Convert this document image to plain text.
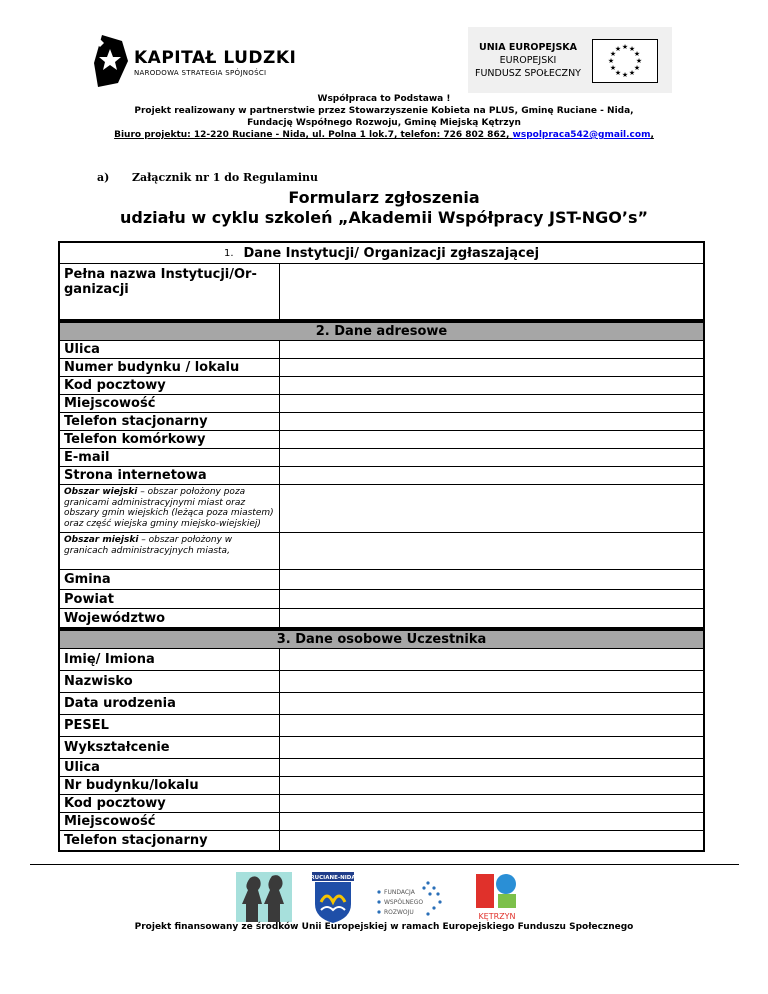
KAPITAŁ LUDZKI
NARODOWA STRATEGIA SPÓJNOŚCI
UNIA EUROPEJSKA
EUROPEJSKI
FUNDUSZ SPOŁECZNY
★ ★
★
★
★
★
★
★
★
★
★
★
Współpraca to Podstawa !
Projekt realizowany w partnerstwie przez Stowarzyszenie Kobieta na PLUS, Gminę Ruciane - Nida,
Fundację Współnego Rozwoju, Gminę Miejską Kętrzyn
Biuro projektu: 12-220 Ruciane - Nida, ul. Polna 1 lok.7, telefon: 726 802 862, wspolpraca542@gmail.com,
a) Załącznik nr 1 do Regulaminu
Formularz zgłoszenia
udziału w cyklu szkoleń „Akademii Współpracy JST-NGO’s”
1. Dane Instytucji/ Organizacji zgłaszającej
Pełna nazwa Instytucji/Or-ganizacji
2. Dane adresowe
Ulica
Numer budynku / lokalu
Kod pocztowy
Miejscowość
Telefon stacjonarny
Telefon komórkowy
E-mail
Strona internetowa
Obszar wiejski – obszar położony poza granicami administracyjnymi miast oraz obszary gmin wiejskich (leżąca poza miastem) oraz część wiejska gminy miejsko-wiejskiej)
Obszar miejski – obszar położony w granicach administracyjnych miasta,
Gmina
Powiat
Województwo
3. Dane osobowe Uczestnika
Imię/ Imiona
Nazwisko
Data urodzenia
PESEL
Wykształcenie
Ulica
Nr budynku/lokalu
Kod pocztowy
Miejscowość
Telefon stacjonarny
RUCIANE-NIDA
FUNDACJA
WSPÓLNEGO
ROZWOJU	KĘTRZYN
Projekt finansowany ze środków Unii Europejskiej w ramach Europejskiego Funduszu Społecznego
